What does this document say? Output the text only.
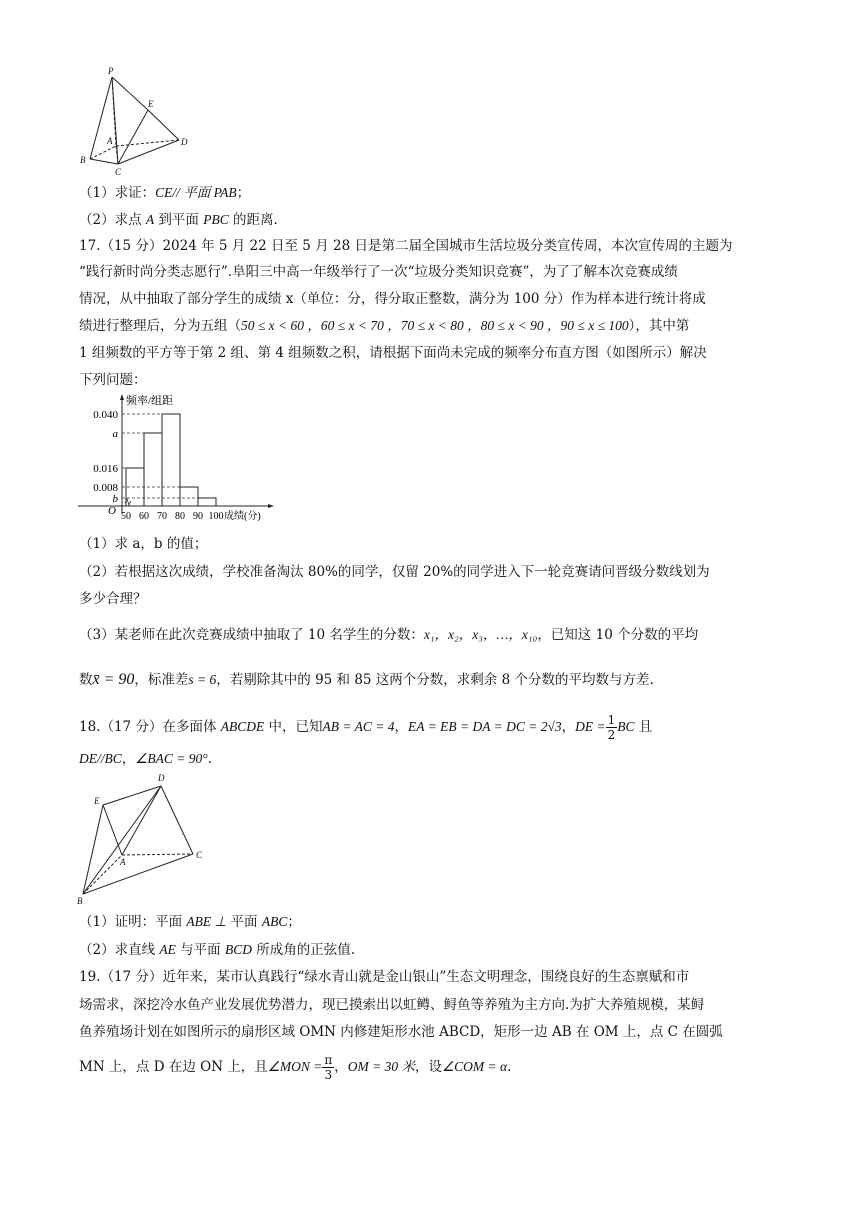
P
E
A	D
B
C
（1）求证：CE// 平面 PAB；
（2）求点 A 到平面 PBC 的距离.
17.（15 分）2024 年 5 月 22 日至 5 月 28 日是第二届全国城市生活垃圾分类宣传周，本次宣传周的主题为
“践行新时尚分类志愿行”.阜阳三中高一年级举行了一次“垃圾分类知识竞赛”，为了了解本次竞赛成绩
情况，从中抽取了部分学生的成绩 x（单位：分，得分取正整数，满分为 100 分）作为样本进行统计将成
绩进行整理后，分为五组（50 ≤ x < 60 ，60 ≤ x < 70 ，70 ≤ x < 80 ，80 ≤ x < 90 ，90 ≤ x ≤ 100），其中第
1 组频数的平方等于第 2 组、第 4 组频数之积，请根据下面尚未完成的频率分布直方图（如图所示）解决
下列问题：
0.040
a
0.016
0.008
b
50 60 70 80 90 100
O
频率/组距
成绩(分)
（1）求 a，b 的值；
（2）若根据这次成绩，学校准备淘汰 80%的同学，仅留 20%的同学进入下一轮竞赛请问晋级分数线划为
多少合理？
（3）某老师在此次竞赛成绩中抽取了 10 名学生的分数：x₁，x₂，x₃，…，x₁₀，已知这 10 个分数的平均
数x̄ = 90，标准差s = 6，若剔除其中的 95 和 85 这两个分数，求剩余 8 个分数的平均数与方差.
18.（17 分）在多面体 ABCDE 中，已知AB = AC = 4，EA = EB = DA = DC = 2√3，DE = $\frac{1}{2}$ BC 且
DE//BC，∠BAC = 90°.
D
E
A
C
B
（1）证明：平面 ABE ⊥ 平面 ABC；
（2）求直线 AE 与平面 BCD 所成角的正弦值.
19.（17 分）近年来，某市认真践行“绿水青山就是金山银山”生态文明理念，围绕良好的生态禀赋和市
场需求，深挖冷水鱼产业发展优势潜力，现已摸索出以虹鳟、鲟鱼等养殖为主方向.为扩大养殖规模，某鲟
鱼养殖场计划在如图所示的扇形区域 OMN 内修建矩形水池 ABCD，矩形一边 AB 在 OM 上，点 C 在圆弧
MN 上，点 D 在边 ON 上，且∠MON = $\frac{\pi}{3}$ ，OM = 30 米，设∠COM = α.
